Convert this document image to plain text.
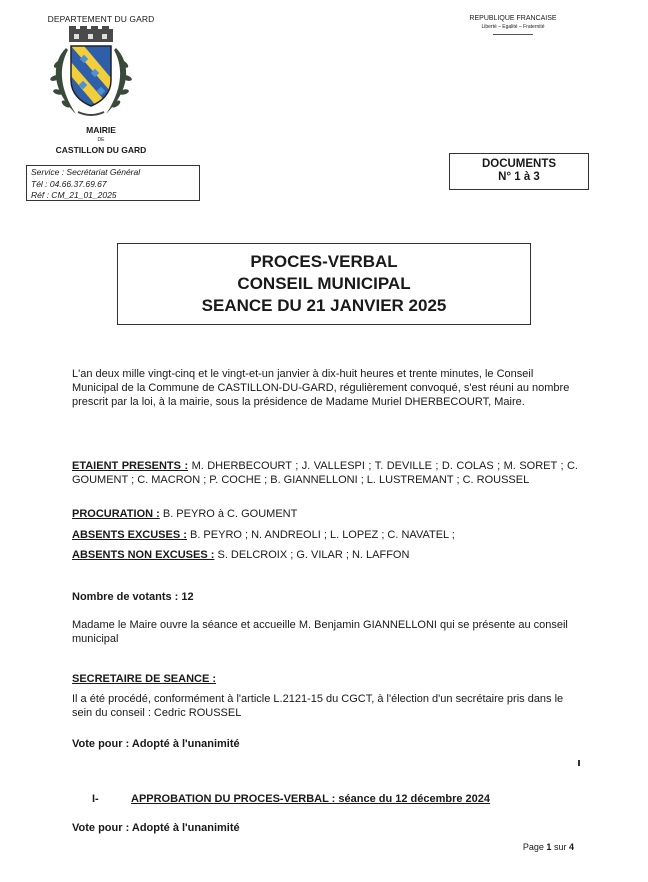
DEPARTEMENT DU GARD
MAIRIE
DE
CASTILLON DU GARD
REPUBLIQUE FRANCAISE
Liberté – Egalité – Fraternité
Service : Secrétariat Général
Tél : 04.66.37.69.67
Réf : CM_21_01_2025
DOCUMENTS
N° 1 à 3
PROCES-VERBAL
CONSEIL MUNICIPAL
SEANCE DU 21 JANVIER 2025
L'an deux mille vingt-cinq et le vingt-et-un janvier à dix-huit heures et trente minutes, le Conseil Municipal de la Commune de CASTILLON-DU-GARD, régulièrement convoqué, s'est réuni au nombre prescrit par la loi, à la mairie, sous la présidence de Madame Muriel DHERBECOURT, Maire.
ETAIENT PRESENTS : M. DHERBECOURT ; J. VALLESPI ; T. DEVILLE ; D. COLAS ; M. SORET ; C. GOUMENT ; C. MACRON ; P. COCHE ; B. GIANNELLONI ; L. LUSTREMANT ; C. ROUSSEL
PROCURATION : B. PEYRO à C. GOUMENT
ABSENTS EXCUSES : B. PEYRO ; N. ANDREOLI ; L. LOPEZ ; C. NAVATEL ;
ABSENTS NON EXCUSES : S. DELCROIX ; G. VILAR ; N. LAFFON
Nombre de votants : 12
Madame le Maire ouvre la séance et accueille M. Benjamin GIANNELLONI qui se présente au conseil municipal
SECRETAIRE DE SEANCE :
Il a été procédé, conformément à l'article L.2121-15 du CGCT, à l'élection d'un secrétaire pris dans le sein du conseil : Cedric ROUSSEL
Vote pour : Adopté à l'unanimité
I-	APPROBATION DU PROCES-VERBAL : séance du 12 décembre 2024
Vote pour : Adopté à l'unanimité
Page 1 sur 4
